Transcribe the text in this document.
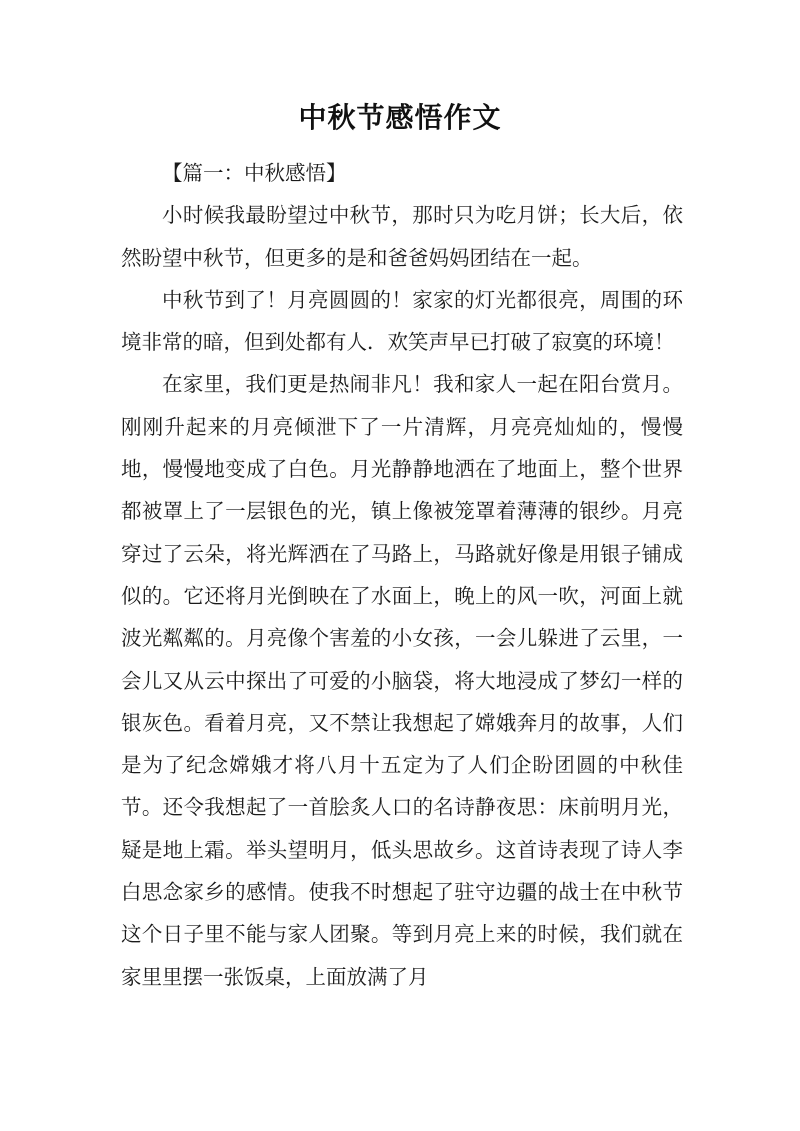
中秋节感悟作文

【篇一：中秋感悟】

小时候我最盼望过中秋节，那时只为吃月饼；长大后，依然盼望中秋节，但更多的是和爸爸妈妈团结在一起。

中秋节到了！月亮圆圆的！家家的灯光都很亮，周围的环境非常的暗，但到处都有人．欢笑声早已打破了寂寞的环境！

在家里，我们更是热闹非凡！我和家人一起在阳台赏月。刚刚升起来的月亮倾泄下了一片清辉，月亮亮灿灿的，慢慢地，慢慢地变成了白色。月光静静地洒在了地面上，整个世界都被罩上了一层银色的光，镇上像被笼罩着薄薄的银纱。月亮穿过了云朵，将光辉洒在了马路上，马路就好像是用银子铺成似的。它还将月光倒映在了水面上，晚上的风一吹，河面上就波光粼粼的。月亮像个害羞的小女孩，一会儿躲进了云里，一会儿又从云中探出了可爱的小脑袋，将大地浸成了梦幻一样的银灰色。看着月亮，又不禁让我想起了嫦娥奔月的故事，人们是为了纪念嫦娥才将八月十五定为了人们企盼团圆的中秋佳节。还令我想起了一首脍炙人口的名诗静夜思：床前明月光，疑是地上霜。举头望明月，低头思故乡。这首诗表现了诗人李白思念家乡的感情。使我不时想起了驻守边疆的战士在中秋节这个日子里不能与家人团聚。等到月亮上来的时候，我们就在家里里摆一张饭桌，上面放满了月
